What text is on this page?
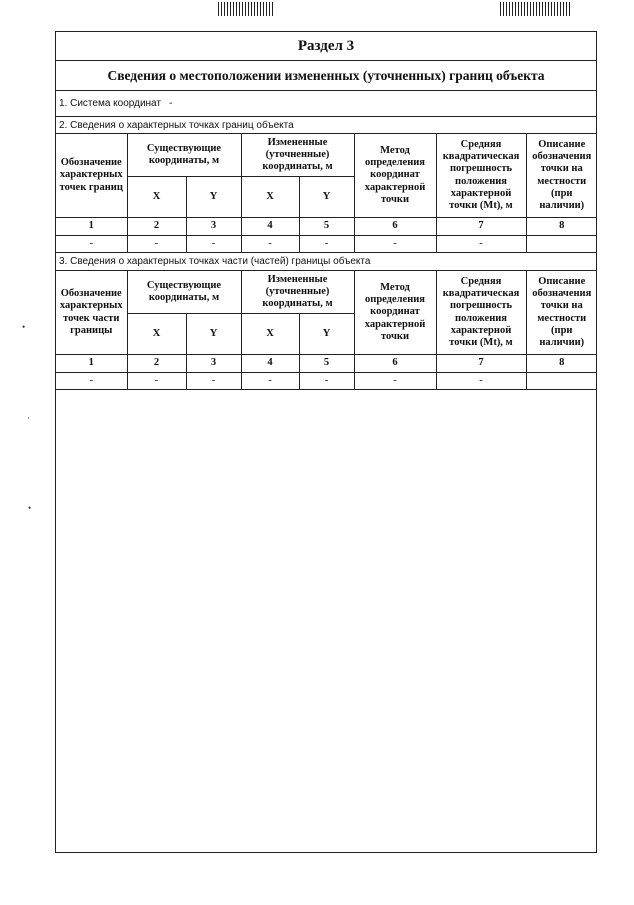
•
·
•
Раздел 3
Сведения о местоположении измененных (уточненных) границ объекта
1. Система координат -
2. Сведения о характерных точках границ объекта
Обозначение характерных точек границ	Существующие координаты, м		Измененные (уточненные) координаты, м		Метод определения координат характерной точки	Средняя квадратическая погрешность положения характерной точки (Mt), м	Описание обозначения точки на местности (при наличии)
	X	Y	X	Y			
1	2	3	4	5	6	7	8
-	-	-	-	-	-	-	
3. Сведения о характерных точках части (частей) границы объекта
Обозначение характерных точек части границы	Существующие координаты, м		Измененные (уточненные) координаты, м		Метод определения координат характерной точки	Средняя квадратическая погрешность положения характерной точки (Mt), м	Описание обозначения точки на местности (при наличии)
	X	Y	X	Y			
1	2	3	4	5	6	7	8
-	-	-	-	-	-	-	
